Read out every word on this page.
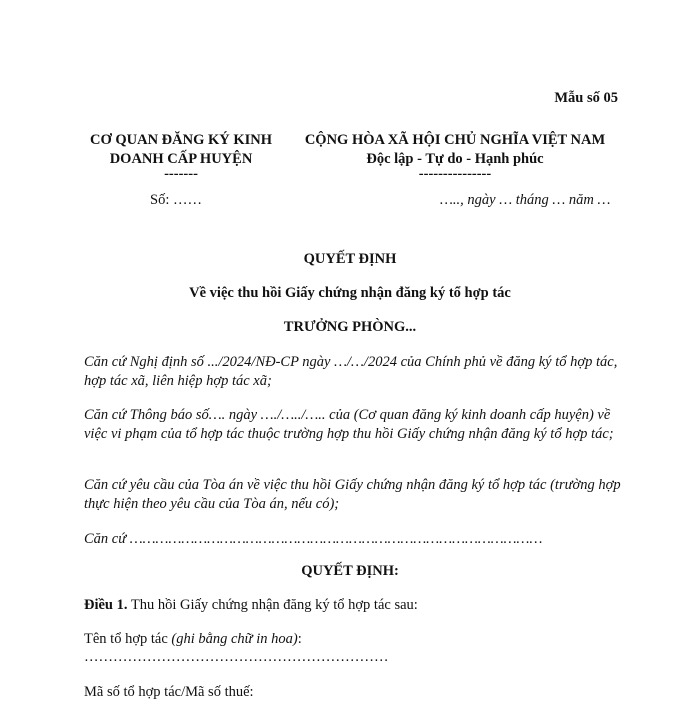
Mẫu số 05
CƠ QUAN ĐĂNG KÝ KINH
DOANH CẤP HUYỆN
-------
CỘNG HÒA XÃ HỘI CHỦ NGHĨA VIỆT NAM
Độc lập - Tự do - Hạnh phúc
---------------
Số: ……	….., ngày … tháng … năm …
QUYẾT ĐỊNH
Về việc thu hồi Giấy chứng nhận đăng ký tổ hợp tác
TRƯỞNG PHÒNG...
Căn cứ Nghị định số .../2024/NĐ-CP ngày …/…/2024 của Chính phủ về đăng ký tổ hợp tác, hợp tác xã, liên hiệp hợp tác xã;
Căn cứ Thông báo số…. ngày …./…../….. của (Cơ quan đăng ký kinh doanh cấp huyện) về việc vi phạm của tổ hợp tác thuộc trường hợp thu hồi Giấy chứng nhận đăng ký tổ hợp tác;
Căn cứ yêu cầu của Tòa án về việc thu hồi Giấy chứng nhận đăng ký tổ hợp tác (trường hợp thực hiện theo yêu cầu của Tòa án, nếu có);
Căn cứ ……………………………………………………………………………………
QUYẾT ĐỊNH:
Điều 1. Thu hồi Giấy chứng nhận đăng ký tổ hợp tác sau:
Tên tổ hợp tác (ghi bằng chữ in hoa):
………………………………………………………
Mã số tổ hợp tác/Mã số thuế:
